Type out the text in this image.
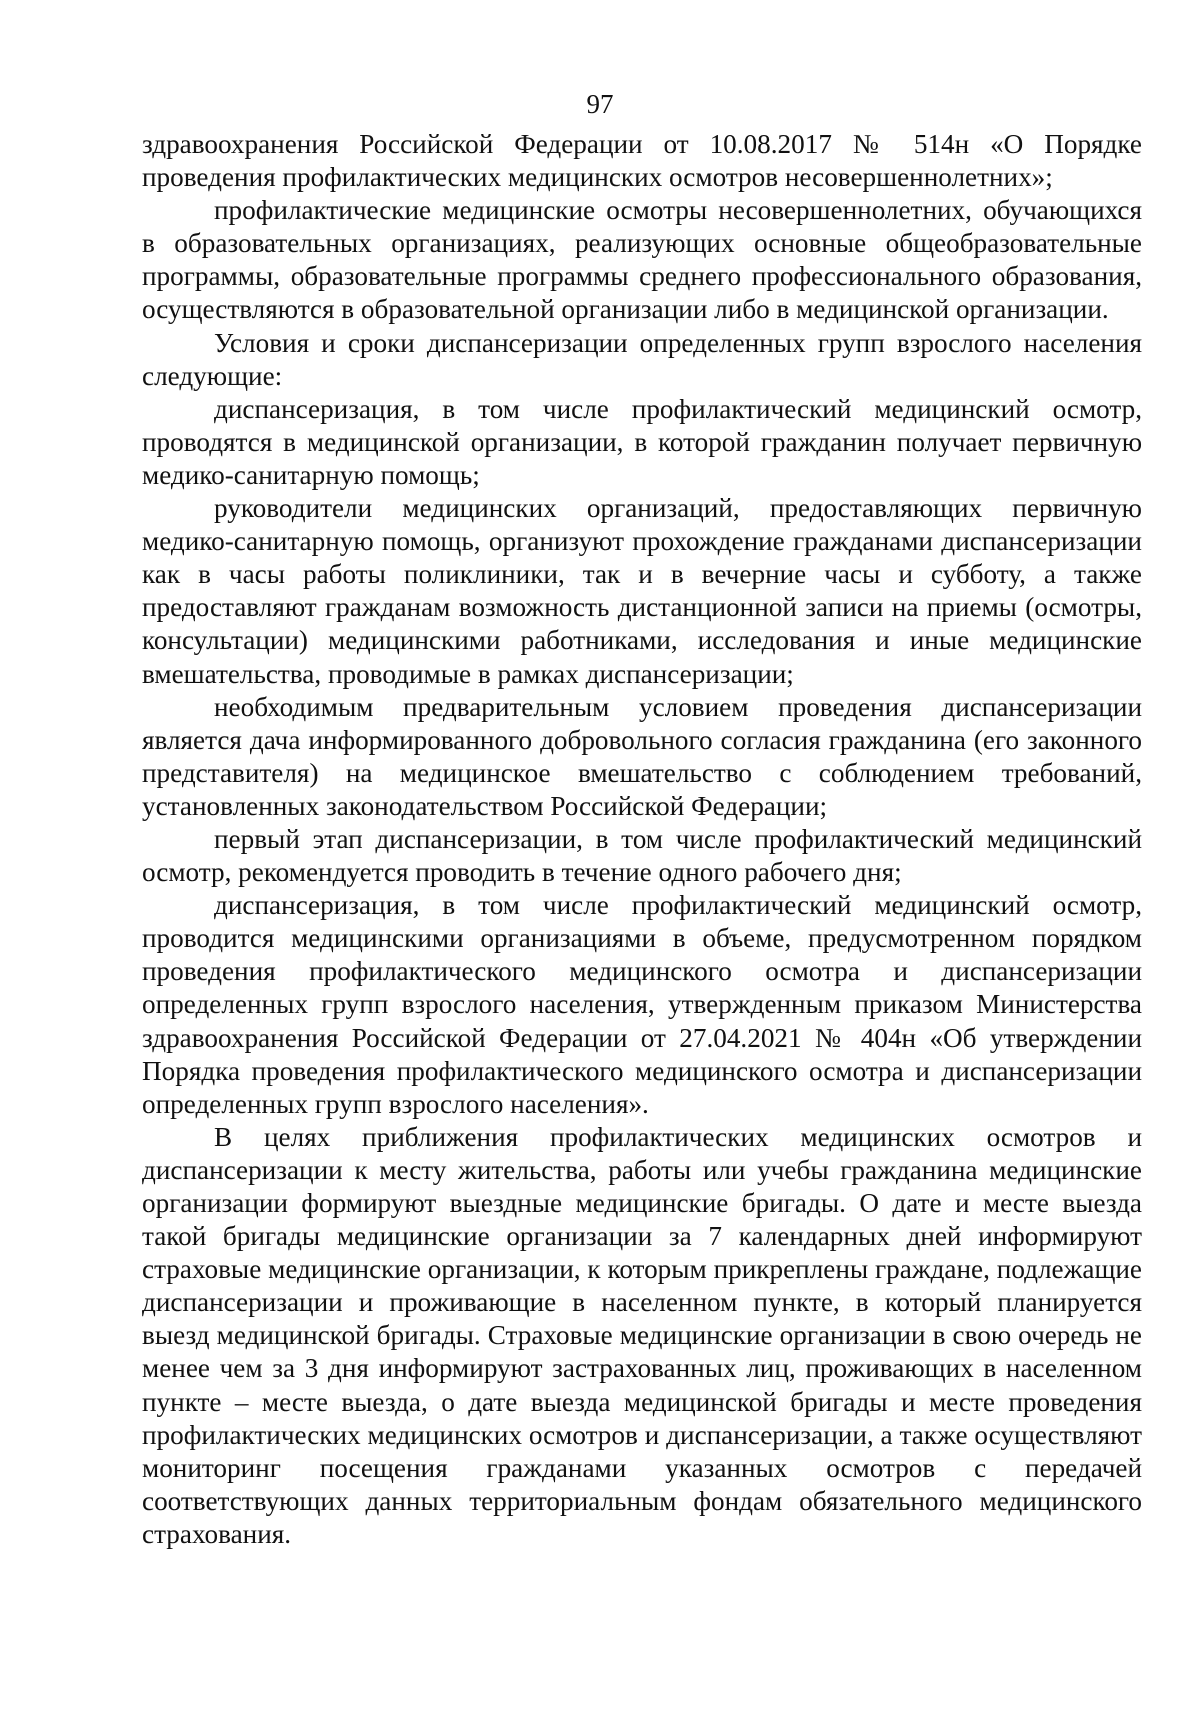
97

здравоохранения Российской Федерации от 10.08.2017 № 514н «О Порядке проведения профилактических медицинских осмотров несовершеннолетних»;

профилактические медицинские осмотры несовершеннолетних, обучающихся в образовательных организациях, реализующих основные общеобразовательные программы, образовательные программы среднего профессионального образования, осуществляются в образовательной организации либо в медицинской организации.

Условия и сроки диспансеризации определенных групп взрослого населения следующие:

диспансеризация, в том числе профилактический медицинский осмотр, проводятся в медицинской организации, в которой гражданин получает первичную медико-санитарную помощь;

руководители медицинских организаций, предоставляющих первичную медико-санитарную помощь, организуют прохождение гражданами диспансеризации как в часы работы поликлиники, так и в вечерние часы и субботу, а также предоставляют гражданам возможность дистанционной записи на приемы (осмотры, консультации) медицинскими работниками, исследования и иные медицинские вмешательства, проводимые в рамках диспансеризации;

необходимым предварительным условием проведения диспансеризации является дача информированного добровольного согласия гражданина (его законного представителя) на медицинское вмешательство с соблюдением требований, установленных законодательством Российской Федерации;

первый этап диспансеризации, в том числе профилактический медицинский осмотр, рекомендуется проводить в течение одного рабочего дня;

диспансеризация, в том числе профилактический медицинский осмотр, проводится медицинскими организациями в объеме, предусмотренном порядком проведения профилактического медицинского осмотра и диспансеризации определенных групп взрослого населения, утвержденным приказом Министерства здравоохранения Российской Федерации от 27.04.2021 № 404н «Об утверждении Порядка проведения профилактического медицинского осмотра и диспансеризации определенных групп взрослого населения».

В целях приближения профилактических медицинских осмотров и диспансеризации к месту жительства, работы или учебы гражданина медицинские организации формируют выездные медицинские бригады. О дате и месте выезда такой бригады медицинские организации за 7 календарных дней информируют страховые медицинские организации, к которым прикреплены граждане, подлежащие диспансеризации и проживающие в населенном пункте, в который планируется выезд медицинской бригады. Страховые медицинские организации в свою очередь не менее чем за 3 дня информируют застрахованных лиц, проживающих в населенном пункте – месте выезда, о дате выезда медицинской бригады и месте проведения профилактических медицинских осмотров и диспансеризации, а также осуществляют мониторинг посещения гражданами указанных осмотров с передачей соответствующих данных территориальным фондам обязательного медицинского страхования.
